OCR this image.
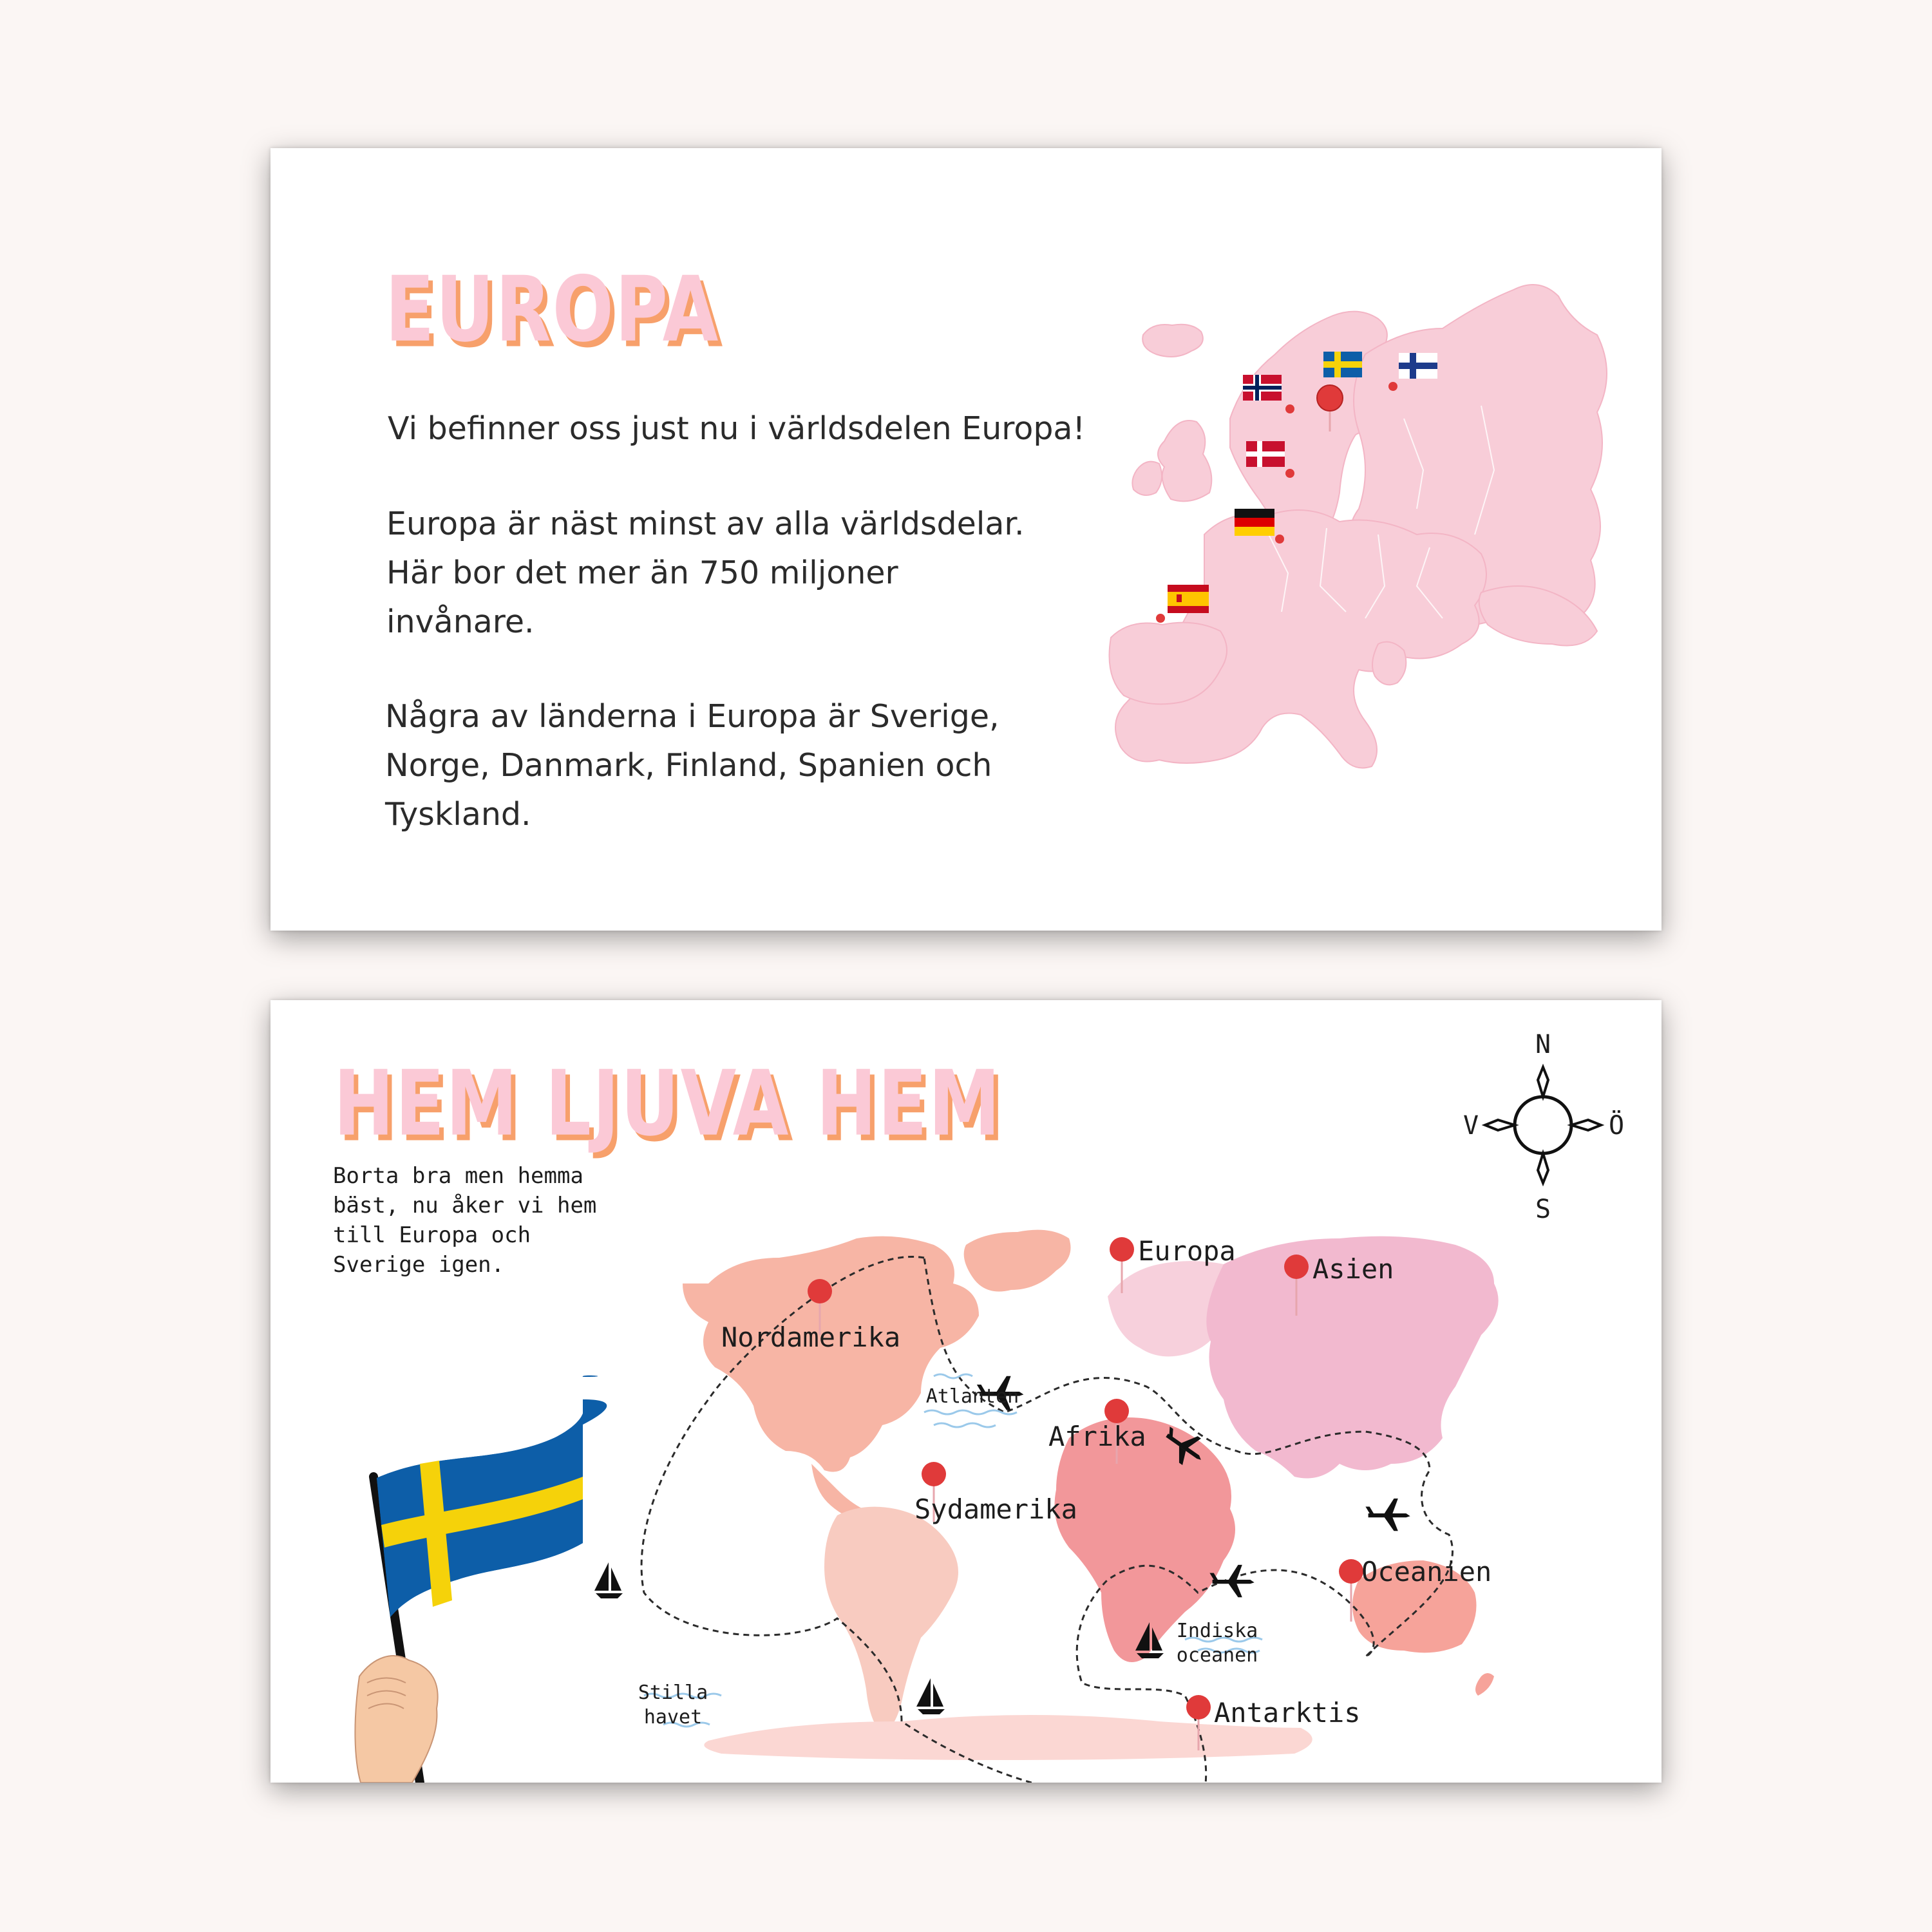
EUROPA

Vi befinner oss just nu i världsdelen Europa!

Europa är näst minst av alla världsdelar. Här bor det mer än 750 miljoner invånare.

Några av länderna i Europa är Sverige, Norge, Danmark, Finland, Spanien och Tyskland.

HEM LJUVA HEM

Borta bra men hemma bäst, nu åker vi hem till Europa och Sverige igen.

N
S
V	Ö
Nordamerika
Sydamerika
Europa
Asien
Afrika
Oceanien
Antarktis
Atlanten
Stilla
havet
Indiska
oceanen
